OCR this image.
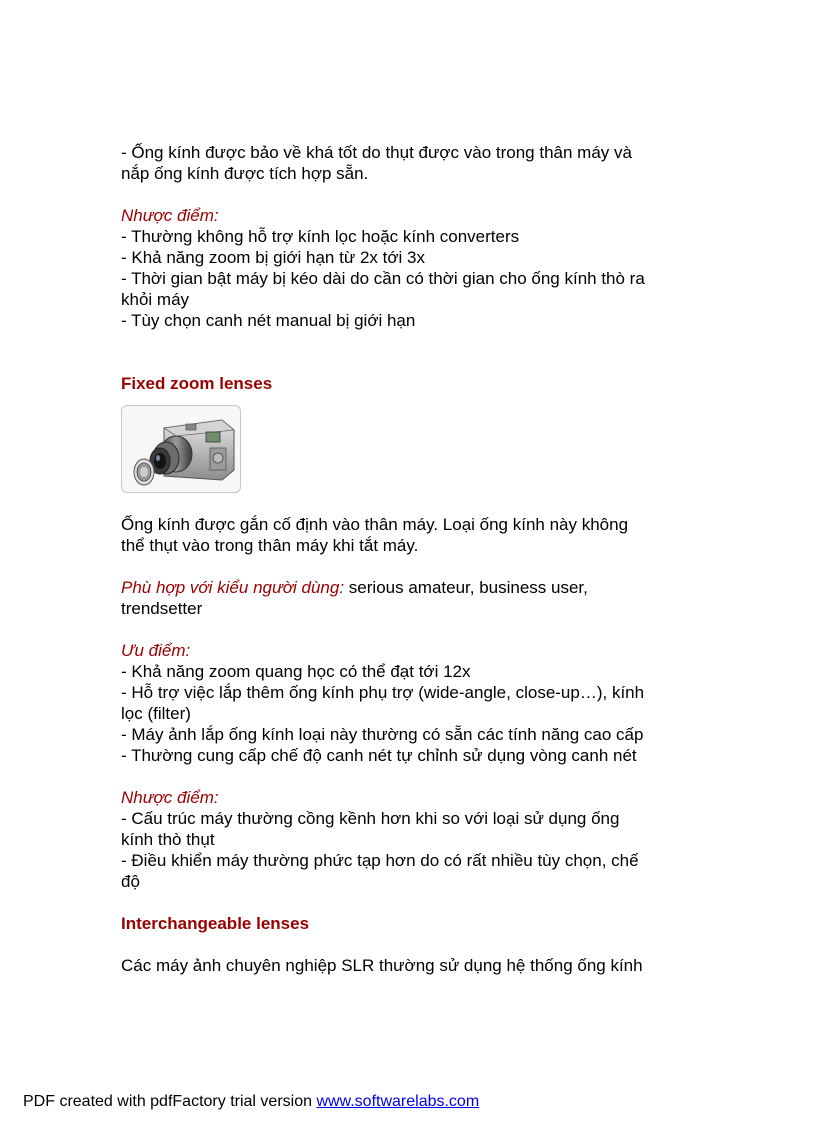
- Ống kính được bảo về khá tốt do thụt được vào trong thân máy và

nắp ống kính được tích hợp sẵn.

Nhược điểm:

- Thường không hỗ trợ kính lọc hoặc kính converters

- Khả năng zoom bị giới hạn từ 2x tới 3x

- Thời gian bật máy bị kéo dài do cần có thời gian cho ống kính thò ra

khỏi máy

- Tùy chọn canh nét manual bị giới hạn

Fixed zoom lenses

Ống kính được gắn cố định vào thân máy. Loại ống kính này không

thể thụt vào trong thân máy khi tắt máy.

Phù hợp với kiểu người dùng: serious amateur, business user,

trendsetter

Ưu điểm:

- Khả năng zoom quang học có thể đạt tới 12x

- Hỗ trợ việc lắp thêm ống kính phụ trợ (wide-angle, close-up…), kính

lọc (filter)

- Máy ảnh lắp ống kính loại này thường có sẵn các tính năng cao cấp

- Thường cung cấp chế độ canh nét tự chỉnh sử dụng vòng canh nét

Nhược điểm:

- Cấu trúc máy thường cồng kềnh hơn khi so với loại sử dụng ống

kính thò thụt

- Điều khiển máy thường phức tạp hơn do có rất nhiều tùy chọn, chế

độ

Interchangeable lenses

Các máy ảnh chuyên nghiệp SLR thường sử dụng hệ thống ống kính

PDF created with pdfFactory trial version www.softwarelabs.com
